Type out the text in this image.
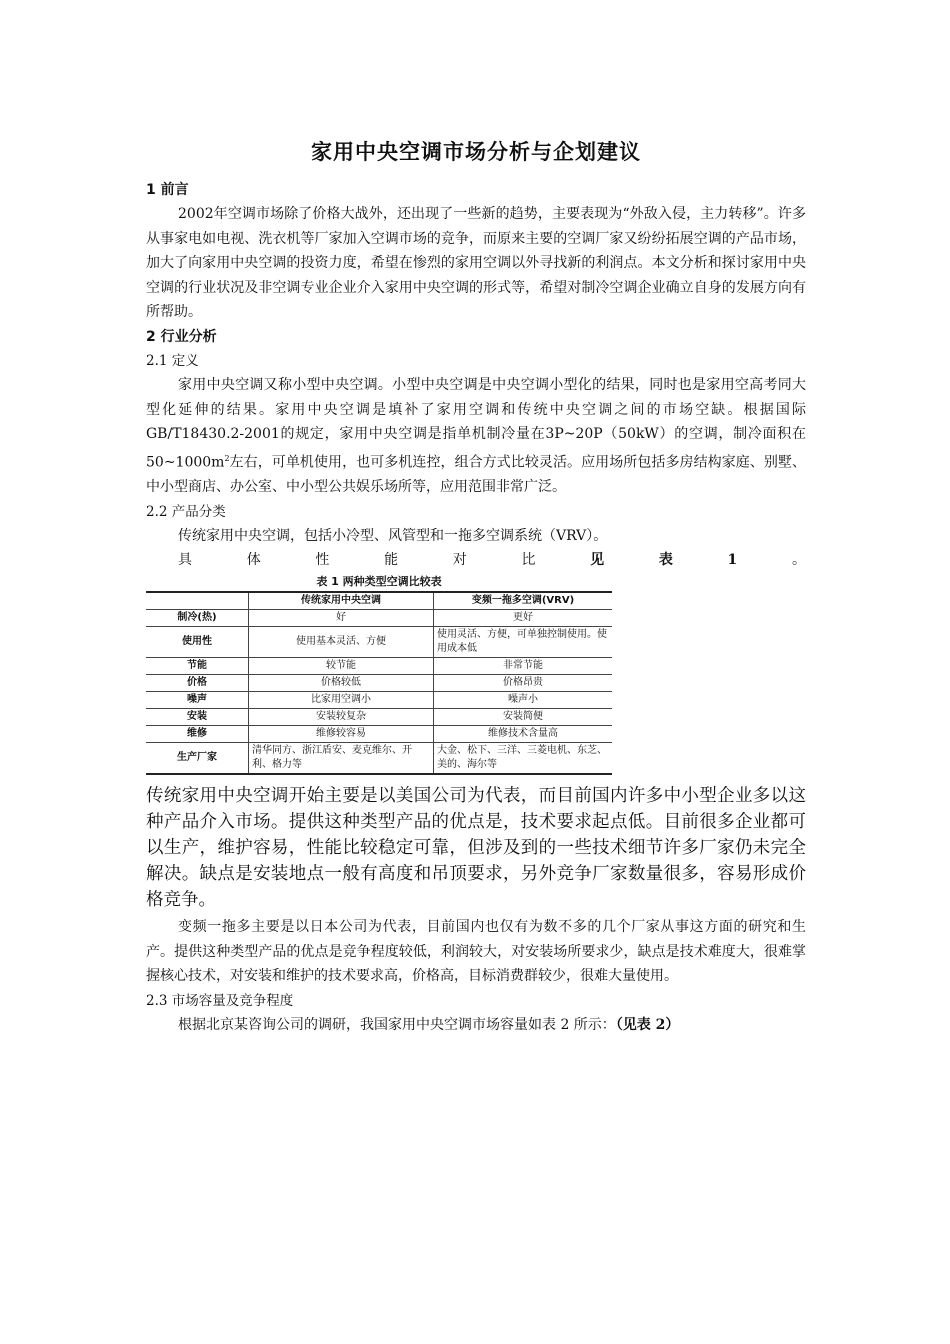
家用中央空调市场分析与企划建议
1 前言

2002年空调市场除了价格大战外，还出现了一些新的趋势，主要表现为“外敌入侵，主力转移”。许多从事家电如电视、洗衣机等厂家加入空调市场的竞争，而原来主要的空调厂家又纷纷拓展空调的产品市场，加大了向家用中央空调的投资力度，希望在惨烈的家用空调以外寻找新的利润点。本文分析和探讨家用中央空调的行业状况及非空调专业企业介入家用中央空调的形式等，希望对制冷空调企业确立自身的发展方向有所帮助。

2 行业分析
2.1 定义

家用中央空调又称小型中央空调。小型中央空调是中央空调小型化的结果，同时也是家用空高考同大型化延伸的结果。家用中央空调是填补了家用空调和传统中央空调之间的市场空缺。根据国际GB/T18430.2-2001的规定，家用中央空调是指单机制冷量在3P~20P（50kW）的空调，制冷面积在$50\sim 1000m^2$左右，可单机使用，也可多机连控，组合方式比较灵活。应用场所包括多房结构家庭、别墅、中小型商店、办公室、中小型公共娱乐场所等，应用范围非常广泛。

2.2 产品分类

传统家用中央空调，包括小冷型、风管型和一拖多空调系统（VRV）。

具	体	性	能	对	比	见	表	1	。
表 1 两种类型空调比较表
	传统家用中央空调	变频一拖多空调(VRV)
制冷(热)	好	更好
使用性	使用基本灵活、方便	使用灵活、方便，可单独控制使用。使用成本低
节能	较节能	非常节能
价格	价格较低	价格昂贵
噪声	比家用空调小	噪声小
安装	安装较复杂	安装简便
维修	维修较容易	维修技术含量高
生产厂家	清华同方、浙江盾安、麦克维尔、开利、格力等	大金、松下、三洋、三菱电机、东芝、美的、海尔等

传统家用中央空调开始主要是以美国公司为代表，而目前国内许多中小型企业多以这种产品介入市场。提供这种类型产品的优点是，技术要求起点低。目前很多企业都可以生产，维护容易，性能比较稳定可靠，但涉及到的一些技术细节许多厂家仍未完全解决。缺点是安装地点一般有高度和吊顶要求，另外竞争厂家数量很多，容易形成价格竞争。

变频一拖多主要是以日本公司为代表，目前国内也仅有为数不多的几个厂家从事这方面的研究和生产。提供这种类型产品的优点是竞争程度较低，利润较大，对安装场所要求少，缺点是技术难度大，很难掌握核心技术，对安装和维护的技术要求高，价格高，目标消费群较少，很难大量使用。

2.3 市场容量及竞争程度

根据北京某咨询公司的调研，我国家用中央空调市场容量如表 2 所示：（见表 2）
